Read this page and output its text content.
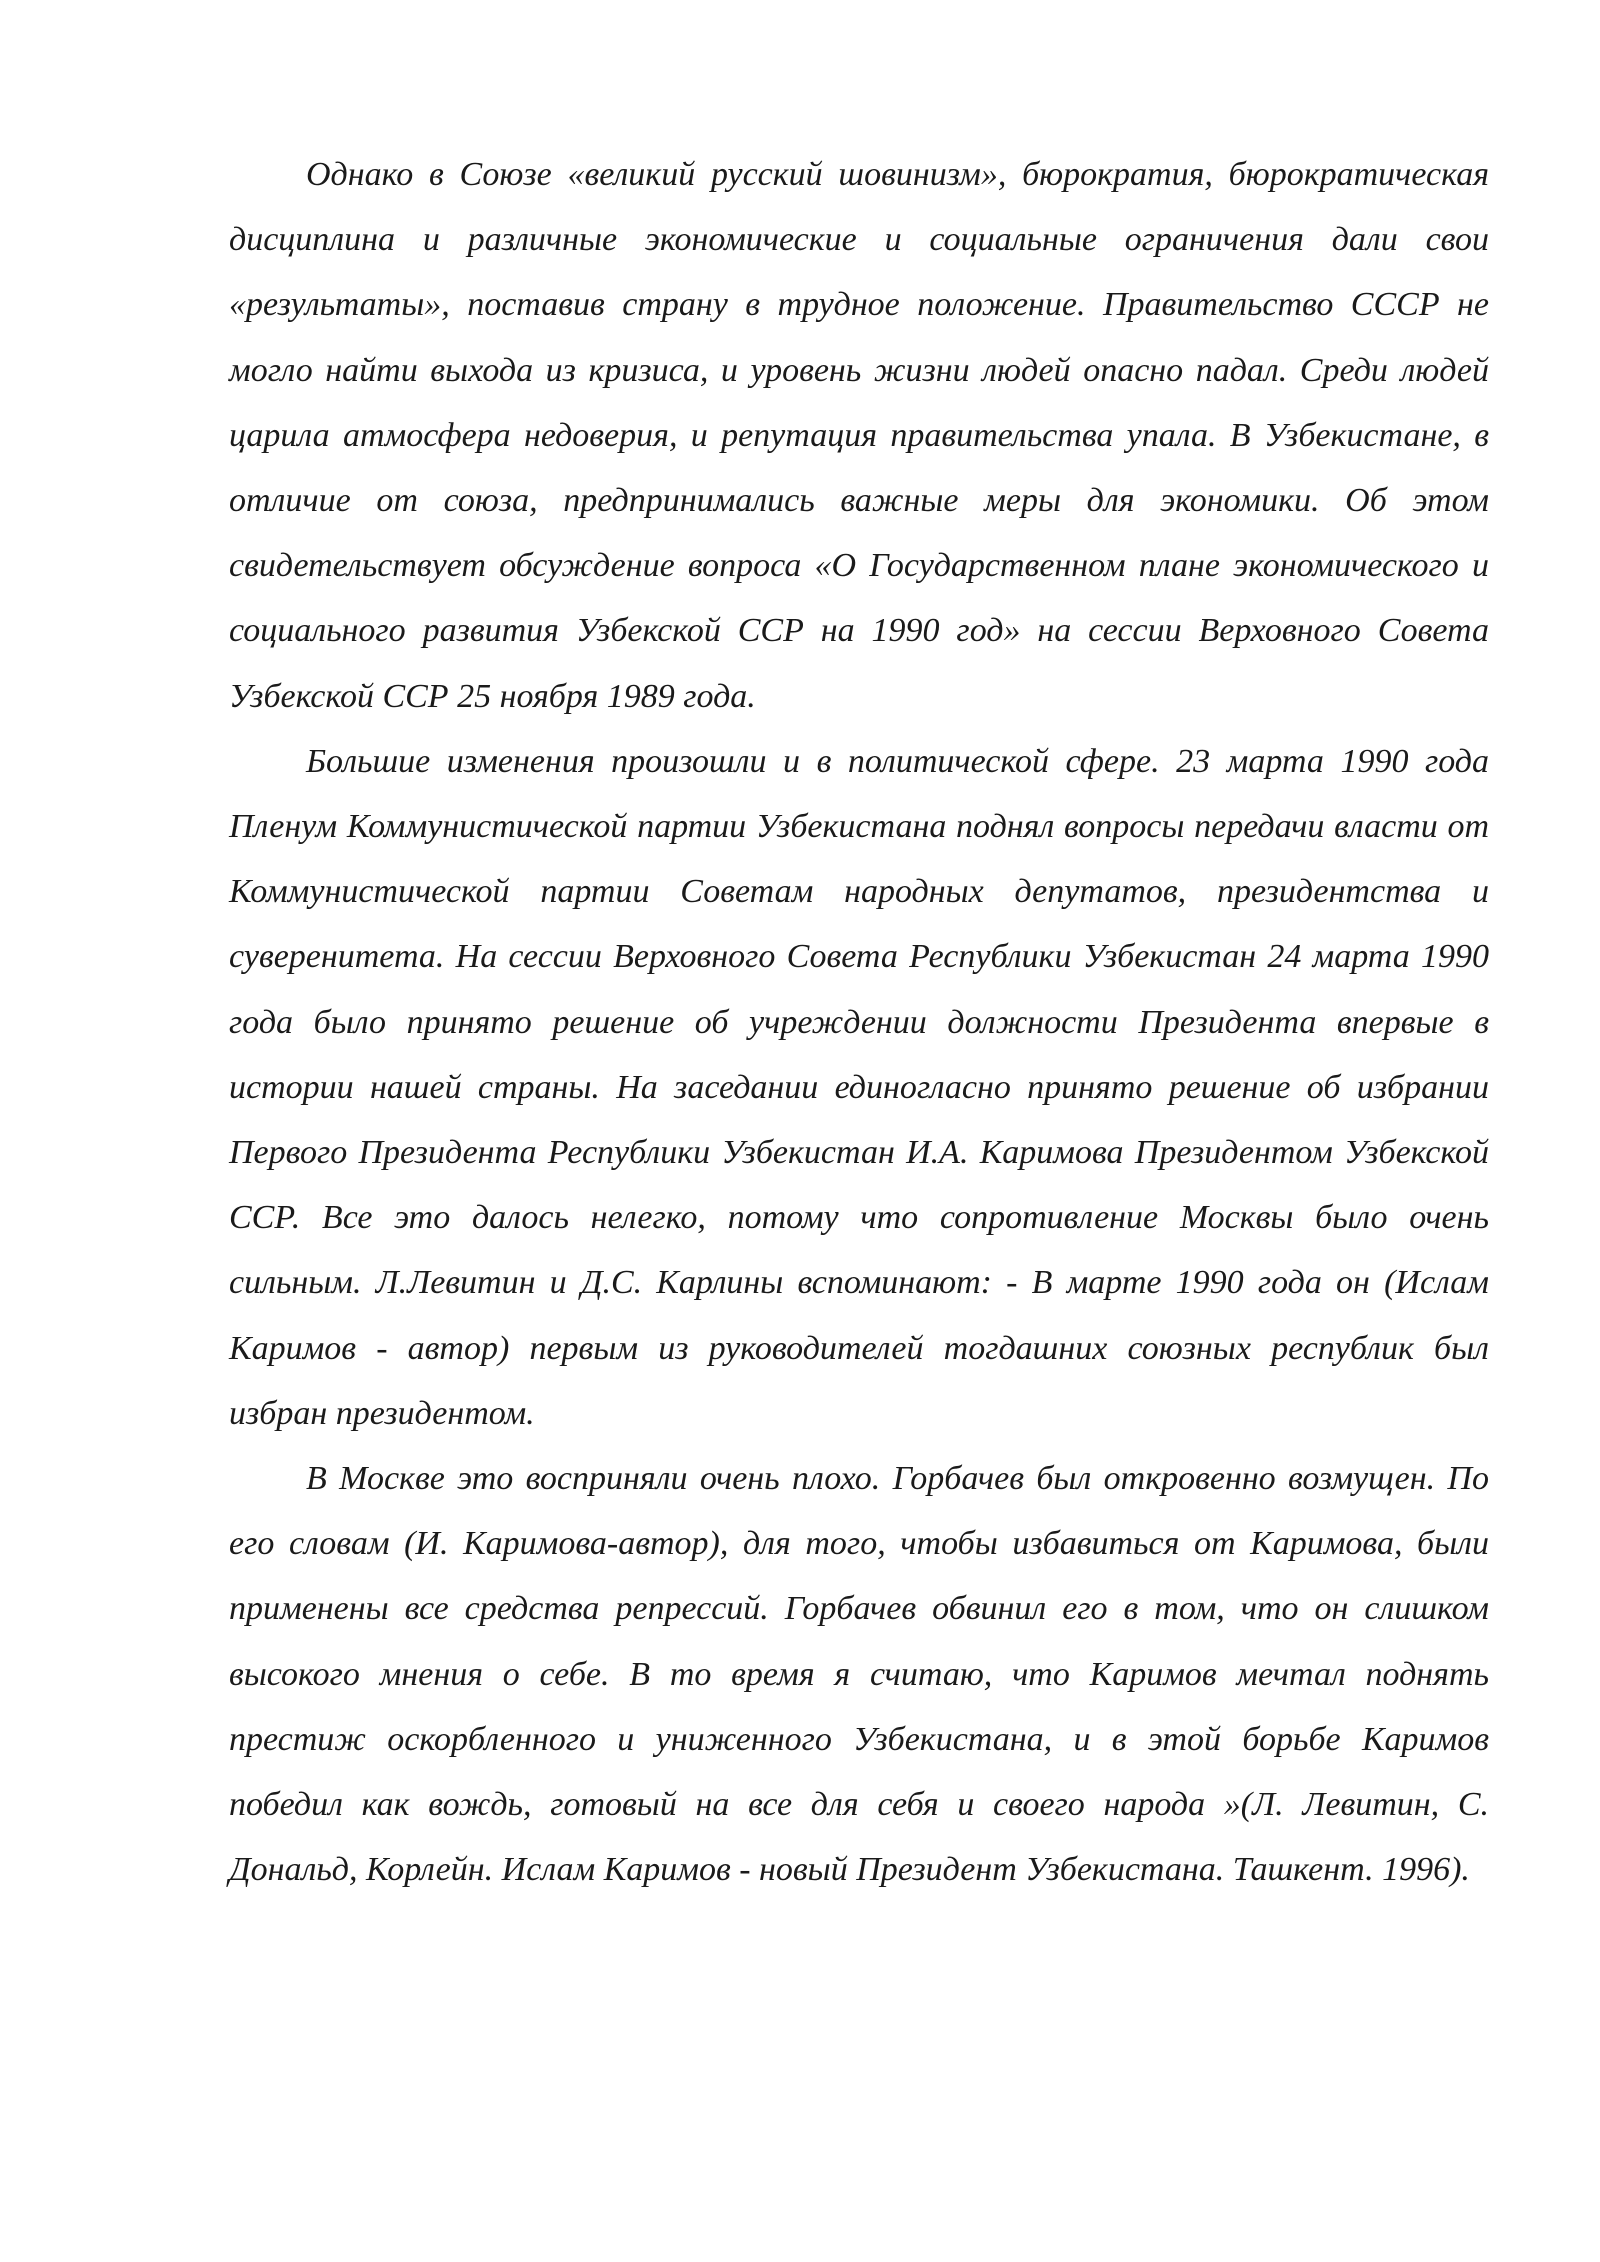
Однако в Союзе «великий русский шовинизм», бюрократия, бюрократическая дисциплина и различные экономические и социальные ограничения дали свои «результаты», поставив страну в трудное положение. Правительство СССР не могло найти выхода из кризиса, и уровень жизни людей опасно падал. Среди людей царила атмосфера недоверия, и репутация правительства упала. В Узбекистане, в отличие от союза, предпринимались важные меры для экономики. Об этом свидетельствует обсуждение вопроса «О Государственном плане экономического и социального развития Узбекской ССР на 1990 год» на сессии Верховного Совета Узбекской ССР 25 ноября 1989 года.

Большие изменения произошли и в политической сфере. 23 марта 1990 года Пленум Коммунистической партии Узбекистана поднял вопросы передачи власти от Коммунистической партии Советам народных депутатов, президентства и суверенитета. На сессии Верховного Совета Республики Узбекистан 24 марта 1990 года было принято решение об учреждении должности Президента впервые в истории нашей страны. На заседании единогласно принято решение об избрании Первого Президента Республики Узбекистан И.А. Каримова Президентом Узбекской ССР. Все это далось нелегко, потому что сопротивление Москвы было очень сильным. Л.Левитин и Д.С. Карлины вспоминают: - В марте 1990 года он (Ислам Каримов - автор) первым из руководителей тогдашних союзных республик был избран президентом.

В Москве это восприняли очень плохо. Горбачев был откровенно возмущен. По его словам (И. Каримова-автор), для того, чтобы избавиться от Каримова, были применены все средства репрессий. Горбачев обвинил его в том, что он слишком высокого мнения о себе. В то время я считаю, что Каримов мечтал поднять престиж оскорбленного и униженного Узбекистана, и в этой борьбе Каримов победил как вождь, готовый на все для себя и своего народа »(Л. Левитин, С. Дональд, Корлейн. Ислам Каримов - новый Президент Узбекистана. Ташкент. 1996).
